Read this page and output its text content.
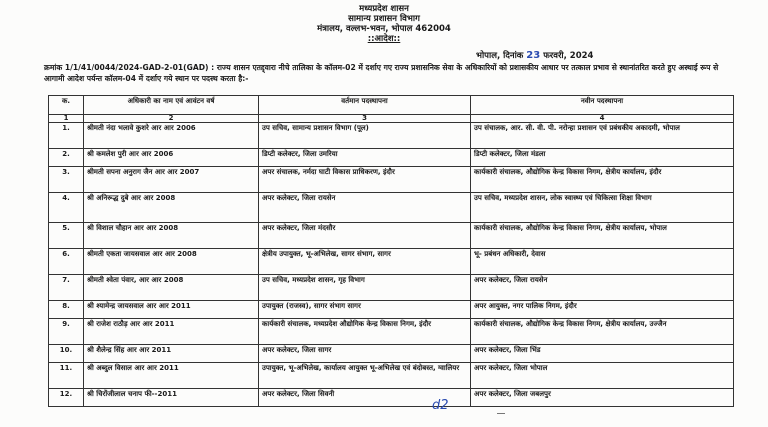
मध्यप्रदेश शासन
सामान्य प्रशासन विभाग
मंत्रालय, वल्लभ-भवन, भोपाल 462004
::आदेश::
भोपाल, दिनांक 23 फरवरी, 2024
क्रमांक 1/1/41/0044/2024-GAD-2-01(GAD) : राज्य शासन एतद्द्वारा नीचे तालिका के कॉलम-02 में दर्शाए गए राज्य प्रशासनिक सेवा के अधिकारियों को प्रशासकीय आधार पर तत्काल प्रभाव से स्थानांतरित करते हुए अस्थाई रूप से आगामी आदेश पर्यन्त कॉलम-04 में दर्शाए गये स्थान पर पदस्थ करता है:-
क.	अधिकारी का नाम एवं आवंटन वर्ष	वर्तमान पदस्थापना	नवीन पदस्थापना
1	2	3	4
1.	श्रीमती नंदा भलावे कुशरे आर आर 2006	उप सचिव, सामान्य प्रशासन विभाग (पूल)	उप संचालक, आर. सी. वी. पी. नरोन्हा प्रशासन एवं प्रबंधकीय अकादमी, भोपाल
2.	श्री कमलेश पुरी आर आर 2006	डिप्टी कलेक्टर, जिला उमरिया	डिप्टी कलेक्टर, जिला मंडला
3.	श्रीमती सपना अनुराग जैन आर आर 2007	अपर संचालक, नर्मदा घाटी विकास प्राधिकरण, इंदौर	कार्यकारी संचालक, औद्योगिक केन्द्र विकास निगम, क्षेत्रीय कार्यालय, इंदौर
4.	श्री अनिरूद्ध दुबे आर आर 2008	अपर कलेक्टर, जिला रायसेन	उप सचिव, मध्यप्रदेश शासन, लोक स्वास्थ्य एवं चिकित्सा शिक्षा विभाग
5.	श्री विशाल चौहान आर आर 2008	अपर कलेक्टर, जिला मंदसौर	कार्यकारी संचालक, औद्योगिक केन्द्र विकास निगम, क्षेत्रीय कार्यालय, भोपाल
6.	श्रीमती एकता जायसवाल आर आर 2008	क्षेत्रीय उपायुक्त, भू-अभिलेख, सागर संभाग, सागर	भू- प्रबंधन अधिकारी, देवास
7.	श्रीमती श्वेता पंवार, आर आर 2008	उप सचिव, मध्यप्रदेश शासन, गृह विभाग	अपर कलेक्टर, जिला रायसेन
8.	श्री श्यामेन्द्र जायसवाल आर आर 2011	उपायुक्त (राजस्व), सागर संभाग सागर	अपर आयुक्त, नगर पालिक निगम, इंदौर
9.	श्री राजेश राठौड़ आर आर 2011	कार्यकारी संचालक, मध्यप्रदेश औद्योगिक केन्द्र विकास निगम, इंदौर	कार्यकारी संचालक, औद्योगिक केन्द्र विकास निगम, क्षेत्रीय कार्यालय, उज्जैन
10.	श्री शैलेन्द्र सिंह आर आर 2011	अपर कलेक्टर, जिला सागर	अपर कलेक्टर, जिला भिंड
11.	श्री अब्दुल विसाल आर आर 2011	उपायुक्त, भू-अभिलेख, कार्यालय आयुक्त भू-अभिलेख एवं बंदोबस्त, ग्वालियर	अपर कलेक्टर, जिला भोपाल
12.	श्री चिरोंजीलाल चनाप फी--2011	अपर कलेक्टर, जिला सिवनी	अपर कलेक्टर, जिला जबलपुर
d2
